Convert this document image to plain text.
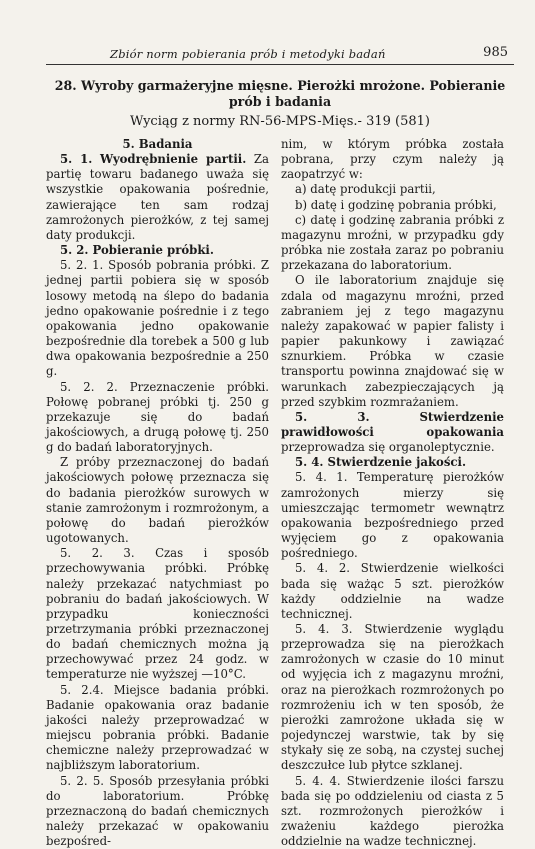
Zbiór norm pobierania prób i metodyki badań	985
28. Wyroby garmażeryjne mięsne. Pierożki mrożone. Pobieranie prób i badania
Wyciąg z normy RN-56-MPS-Mięs.- 319 (581)

5. Badania

5. 1. Wyodrębnienie partii. Za partię towaru badanego uważa się wszystkie opakowania pośrednie, zawierające ten sam rodzaj zamrożonych pierożków, z tej samej daty produkcji.

5. 2. Pobieranie próbki.

5. 2. 1. Sposób pobrania próbki. Z jednej partii pobiera się w sposób losowy metodą na ślepo do badania jedno opakowanie pośrednie i z tego opakowania jedno opakowanie bezpośrednie dla torebek a 500 g lub dwa opakowania bezpośrednie a 250 g.

5. 2. 2. Przeznaczenie próbki. Połowę pobranej próbki tj. 250 g przekazuje się do badań jakościowych, a drugą połowę tj. 250 g do badań laboratoryjnych.

Z próby przeznaczonej do badań jakościowych połowę przeznacza się do badania pierożków surowych w stanie zamrożonym i rozmrożonym, a połowę do badań pierożków ugotowanych.

5. 2. 3. Czas i sposób przechowywania próbki. Próbkę należy przekazać natychmiast po pobraniu do badań jakościowych. W przypadku konieczności przetrzymania próbki przeznaczonej do badań chemicznych można ją przechowywać przez 24 godz. w temperaturze nie wyższej —10°C.

5. 2.4. Miejsce badania próbki. Badanie opakowania oraz badanie jakości należy przeprowadzać w miejscu pobrania próbki. Badanie chemiczne należy przeprowadzać w najbliższym laboratorium.

5. 2. 5. Sposób przesyłania próbki do laboratorium. Próbkę przeznaczoną do badań chemicznych należy przekazać w opakowaniu bezpośred-

nim, w którym próbka została pobrana, przy czym należy ją zaopatrzyć w:

a) datę produkcji partii,

b) datę i godzinę pobrania próbki,

c) datę i godzinę zabrania próbki z magazynu mroźni, w przypadku gdy próbka nie została zaraz po pobraniu przekazana do laboratorium.

O ile laboratorium znajduje się zdala od magazynu mroźni, przed zabraniem jej z tego magazynu należy zapakować w papier falisty i papier pakunkowy i zawiązać sznurkiem. Próbka w czasie transportu powinna znajdować się w warunkach zabezpieczających ją przed szybkim rozmrażaniem.

5. 3.	Stwierdzenie prawidłowości opakowania przeprowadza się organoleptycznie.

5. 4. Stwierdzenie jakości.

5. 4. 1. Temperaturę pierożków zamrożonych mierzy się umieszczając termometr wewnątrz opakowania bezpośredniego przed wyjęciem go z opakowania pośredniego.

5. 4. 2. Stwierdzenie wielkości bada się ważąc 5 szt. pierożków każdy oddzielnie na wadze technicznej.

5. 4. 3. Stwierdzenie wyglądu przeprowadza się na pierożkach zamrożonych w czasie do 10 minut od wyjęcia ich z magazynu mroźni, oraz na pierożkach rozmrożonych po rozmrożeniu ich w ten sposób, że pierożki zamrożone układa się w pojedynczej warstwie, tak by się stykały się ze sobą, na czystej suchej deszczułce lub płytce szklanej.

5. 4. 4. Stwierdzenie ilości farszu bada się po oddzieleniu od ciasta z 5 szt. rozmrożonych pierożków i zważeniu każdego pierożka oddzielnie na wadze technicznej.
